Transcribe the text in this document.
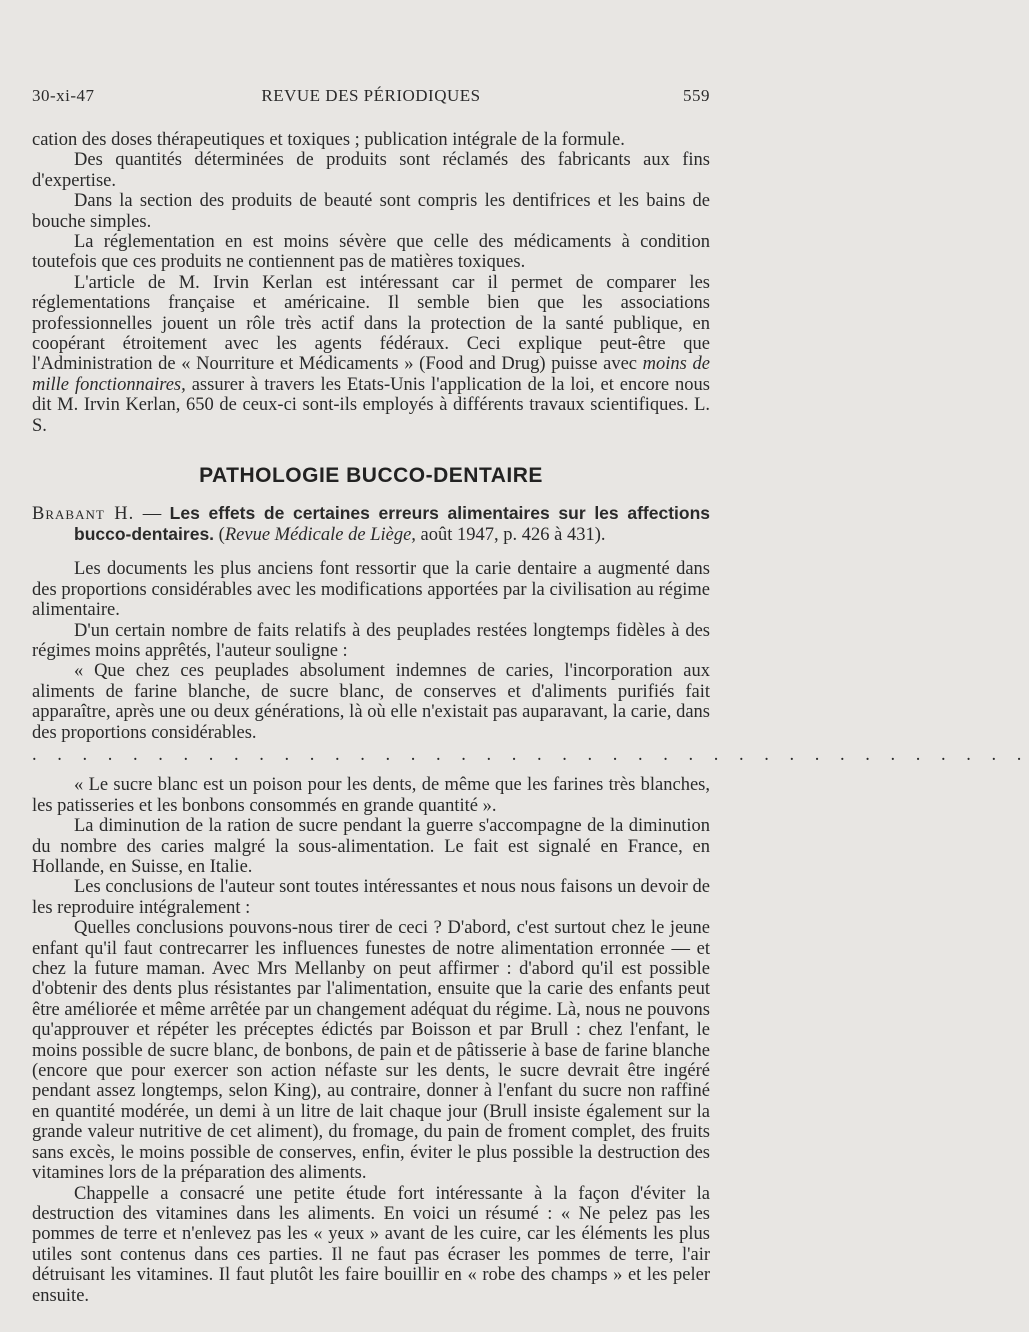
30-xi-47	REVUE DES PÉRIODIQUES	559

cation des doses thérapeutiques et toxiques ; publication intégrale de la formule.

Des quantités déterminées de produits sont réclamés des fabricants aux fins d'expertise.

Dans la section des produits de beauté sont compris les dentifrices et les bains de bouche simples.

La réglementation en est moins sévère que celle des médicaments à condition toutefois que ces produits ne contiennent pas de matières toxiques.

L'article de M. Irvin Kerlan est intéressant car il permet de comparer les réglementations française et américaine. Il semble bien que les associations professionnelles jouent un rôle très actif dans la protection de la santé publique, en coopérant étroitement avec les agents fédéraux. Ceci explique peut-être que l'Administration de « Nourriture et Médicaments » (Food and Drug) puisse avec moins de mille fonctionnaires, assurer à travers les Etats-Unis l'application de la loi, et encore nous dit M. Irvin Kerlan, 650 de ceux-ci sont-ils employés à différents travaux scientifiques. L. S.

PATHOLOGIE BUCCO-DENTAIRE

Brabant H. — Les effets de certaines erreurs alimentaires sur les affections bucco-dentaires. (Revue Médicale de Liège, août 1947, p. 426 à 431).

Les documents les plus anciens font ressortir que la carie dentaire a augmenté dans des proportions considérables avec les modifications apportées par la civilisation au régime alimentaire.

D'un certain nombre de faits relatifs à des peuplades restées longtemps fidèles à des régimes moins apprêtés, l'auteur souligne :

« Que chez ces peuplades absolument indemnes de caries, l'incorporation aux aliments de farine blanche, de sucre blanc, de conserves et d'aliments purifiés fait apparaître, après une ou deux générations, là où elle n'existait pas auparavant, la carie, dans des proportions considérables.

. . . . . . . . . . . . . . . . . . . . . . . . . . . . . . . . . . . . . . . .

« Le sucre blanc est un poison pour les dents, de même que les farines très blanches, les patisseries et les bonbons consommés en grande quantité ».

La diminution de la ration de sucre pendant la guerre s'accompagne de la diminution du nombre des caries malgré la sous-alimentation. Le fait est signalé en France, en Hollande, en Suisse, en Italie.

Les conclusions de l'auteur sont toutes intéressantes et nous nous faisons un devoir de les reproduire intégralement :

Quelles conclusions pouvons-nous tirer de ceci ? D'abord, c'est surtout chez le jeune enfant qu'il faut contrecarrer les influences funestes de notre alimentation erronnée — et chez la future maman. Avec Mrs Mellanby on peut affirmer : d'abord qu'il est possible d'obtenir des dents plus résistantes par l'alimentation, ensuite que la carie des enfants peut être améliorée et même arrêtée par un changement adéquat du régime. Là, nous ne pouvons qu'approuver et répéter les préceptes édictés par Boisson et par Brull : chez l'enfant, le moins possible de sucre blanc, de bonbons, de pain et de pâtisserie à base de farine blanche (encore que pour exercer son action néfaste sur les dents, le sucre devrait être ingéré pendant assez longtemps, selon King), au contraire, donner à l'enfant du sucre non raffiné en quantité modérée, un demi à un litre de lait chaque jour (Brull insiste également sur la grande valeur nutritive de cet aliment), du fromage, du pain de froment complet, des fruits sans excès, le moins possible de conserves, enfin, éviter le plus possible la destruction des vitamines lors de la préparation des aliments.

Chappelle a consacré une petite étude fort intéressante à la façon d'éviter la destruction des vitamines dans les aliments. En voici un résumé : « Ne pelez pas les pommes de terre et n'enlevez pas les « yeux » avant de les cuire, car les éléments les plus utiles sont contenus dans ces parties. Il ne faut pas écraser les pommes de terre, l'air détruisant les vitamines. Il faut plutôt les faire bouillir en « robe des champs » et les peler ensuite.
